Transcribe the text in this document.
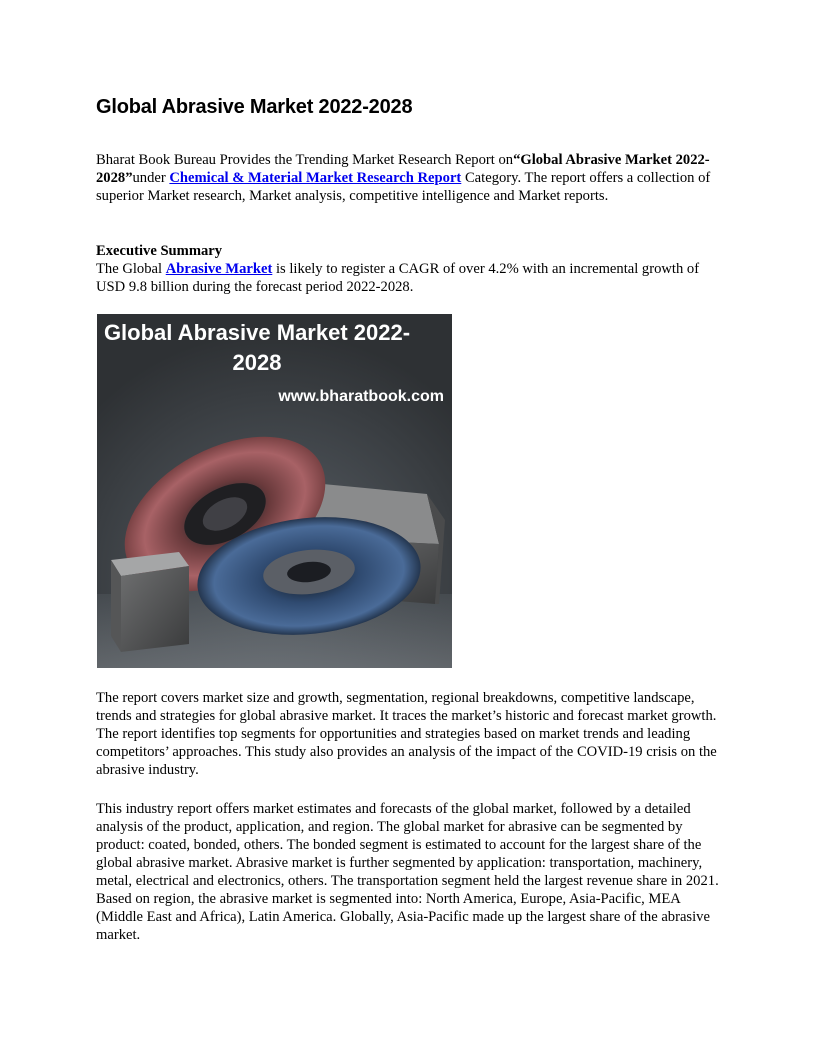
Global Abrasive Market 2022-2028

Bharat Book Bureau Provides the Trending Market Research Report on“Global Abrasive Market 2022-2028”under Chemical & Material Market Research Report Category. The report offers a collection of superior Market research, Market analysis, competitive intelligence and Market reports.

Executive Summary

The Global Abrasive Market is likely to register a CAGR of over 4.2% with an incremental growth of USD 9.8 billion during the forecast period 2022-2028.

Global Abrasive Market 2022-2028
www.bharatbook.com

The report covers market size and growth, segmentation, regional breakdowns, competitive landscape, trends and strategies for global abrasive market. It traces the market’s historic and forecast market growth. The report identifies top segments for opportunities and strategies based on market trends and leading competitors’ approaches. This study also provides an analysis of the impact of the COVID-19 crisis on the abrasive industry.

This industry report offers market estimates and forecasts of the global market, followed by a detailed analysis of the product, application, and region. The global market for abrasive can be segmented by product: coated, bonded, others. The bonded segment is estimated to account for the largest share of the global abrasive market. Abrasive market is further segmented by application: transportation, machinery, metal, electrical and electronics, others. The transportation segment held the largest revenue share in 2021. Based on region, the abrasive market is segmented into: North America, Europe, Asia-Pacific, MEA (Middle East and Africa), Latin America. Globally, Asia-Pacific made up the largest share of the abrasive market.
